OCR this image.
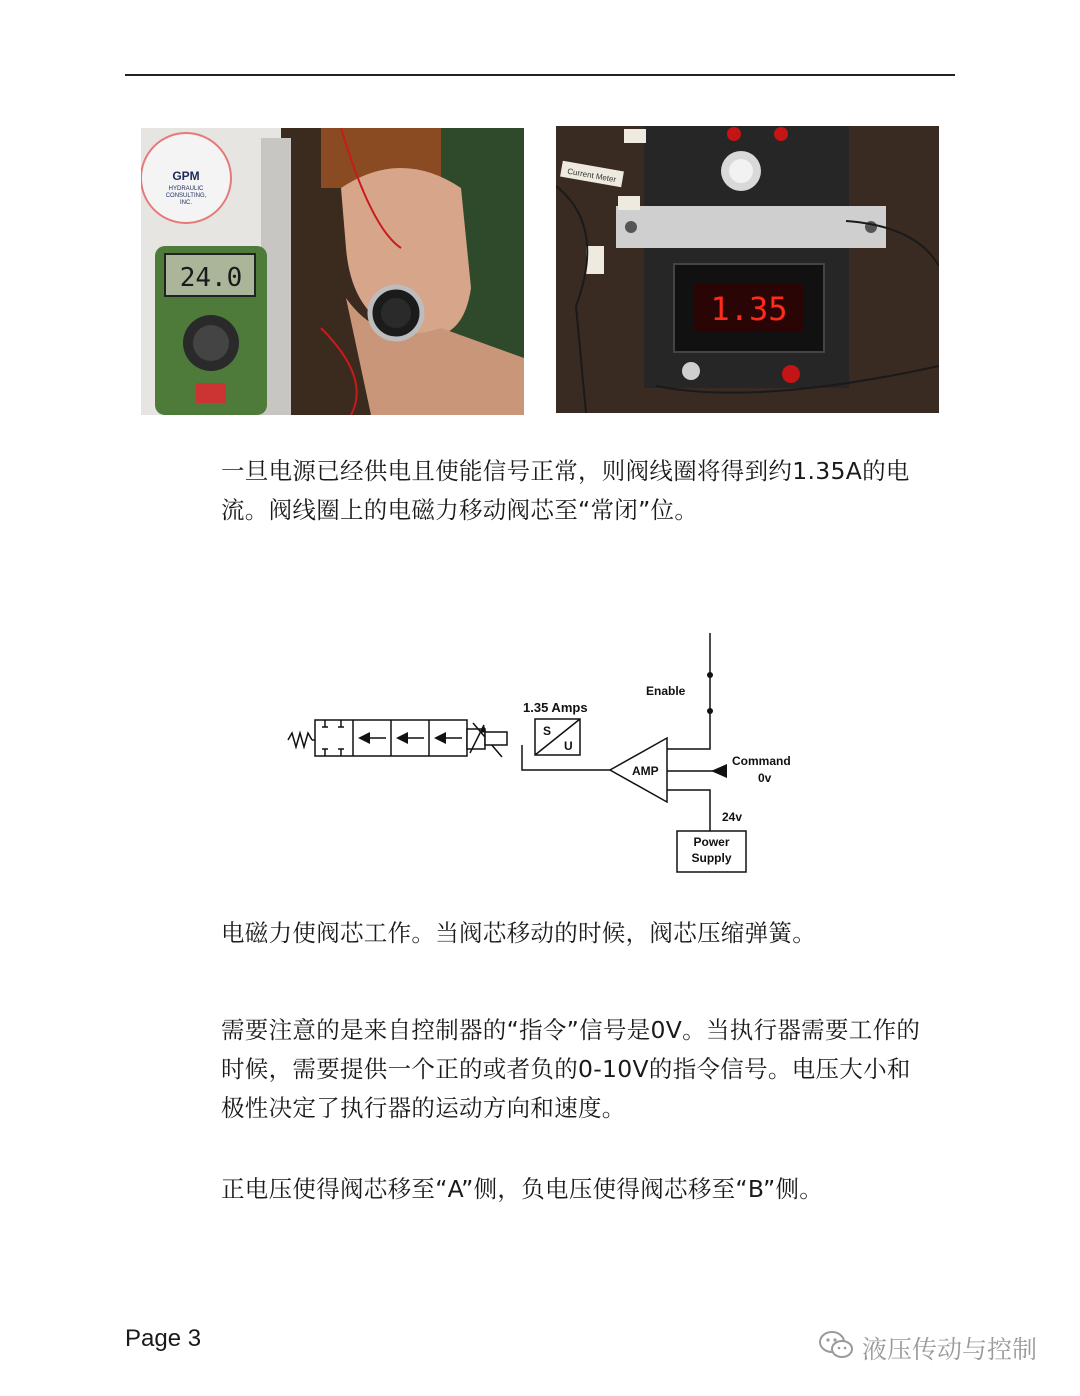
GPM
HYDRAULIC
CONSULTING,
INC.
24.0
1.35
Current Meter

一旦电源已经供电且使能信号正常，则阀线圈将得到约1.35A的电
流。阀线圈上的电磁力移动阀芯至“常闭”位。

1.35 Amps
S
U
AMP
Enable
Command
0v
24v
Power
Supply

电磁力使阀芯工作。当阀芯移动的时候，阀芯压缩弹簧。

需要注意的是来自控制器的“指令”信号是0V。当执行器需要工作的
时候，需要提供一个正的或者负的0-10V的指令信号。电压大小和
极性决定了执行器的运动方向和速度。

正电压使得阀芯移至“A”侧，负电压使得阀芯移至“B”侧。

Page 3	液压传动与控制
